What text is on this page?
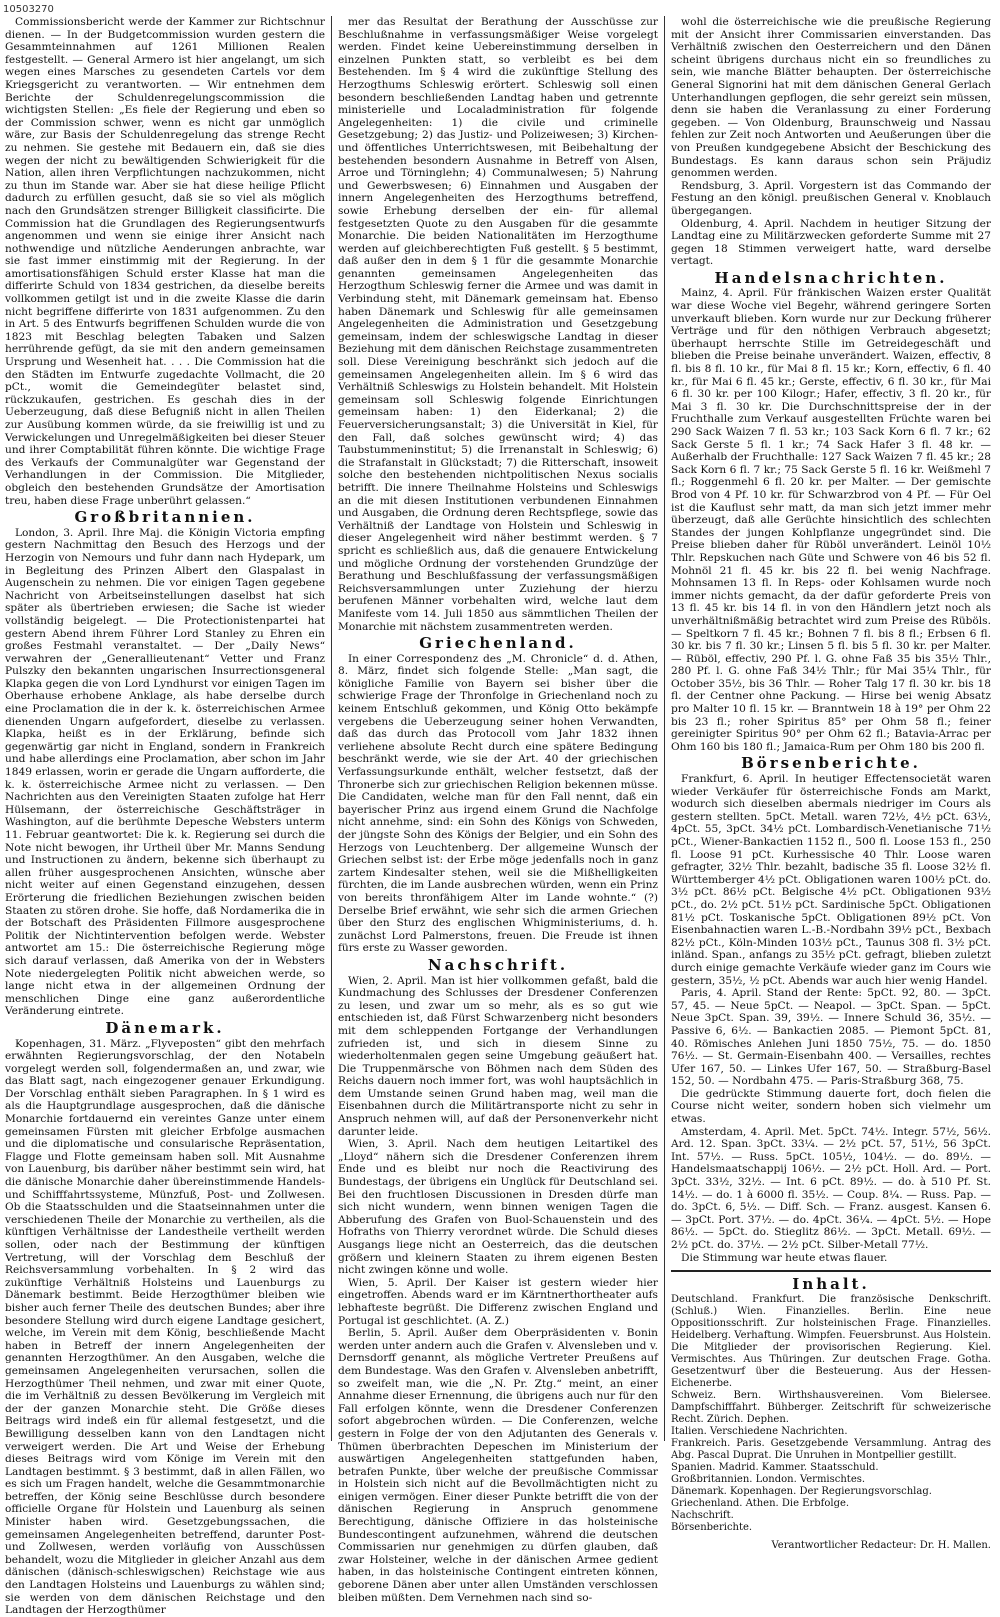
10503270

Commissionsbericht werde der Kammer zur Richtschnur dienen. — In der Budgetcommission wurden gestern die Gesammteinnahmen auf 1261 Millionen Realen festgestellt. — General Armero ist hier angelangt, um sich wegen eines Marsches zu gesendeten Cartels vor dem Kriegsgericht zu verantworten. — Wir entnehmen dem Berichte der Schuldenregelungscommission die wichtigsten Stellen: „Es fiele der Regierung und eben so der Commission schwer, wenn es nicht gar unmöglich wäre, zur Basis der Schuldenregelung das strenge Recht zu nehmen. Sie gestehe mit Bedauern ein, daß sie dies wegen der nicht zu bewältigenden Schwierigkeit für die Nation, allen ihren Verpflichtungen nachzukommen, nicht zu thun im Stande war. Aber sie hat diese heilige Pflicht dadurch zu erfüllen gesucht, daß sie so viel als möglich nach den Grundsätzen strenger Billigkeit classificirte. Die Commission hat die Grundlagen des Regierungsentwurfs angenommen und wenn sie einige ihrer Ansicht nach nothwendige und nützliche Aenderungen anbrachte, war sie fast immer einstimmig mit der Regierung. In der amortisationsfähigen Schuld erster Klasse hat man die differirte Schuld von 1834 gestrichen, da dieselbe bereits vollkommen getilgt ist und in die zweite Klasse die darin nicht begriffene differirte von 1831 aufgenommen. Zu den in Art. 5 des Entwurfs begriffenen Schulden wurde die von 1823 mit Beschlag belegten Tabaken und Salzen herrührende gefügt, da sie mit den andern gemeinsamen Ursprung und Wesenheit hat. . . . Die Commission hat die den Städten im Entwurfe zugedachte Vollmacht, die 20 pCt., womit die Gemeindegüter belastet sind, rückzukaufen, gestrichen. Es geschah dies in der Ueberzeugung, daß diese Befugniß nicht in allen Theilen zur Ausübung kommen würde, da sie freiwillig ist und zu Verwickelungen und Unregelmäßigkeiten bei dieser Steuer und ihrer Comptabilität führen könnte. Die wichtige Frage des Verkaufs der Communalgüter war Gegenstand der Verhandlungen in der Commission. Die Mitglieder, obgleich den bestehenden Grundsätze der Amortisation treu, haben diese Frage unberührt gelassen.“

Großbritannien.

London, 3. April. Ihre Maj. die Königin Victoria empfing gestern Nachmittag den Besuch des Herzogs und der Herzogin von Nemours und fuhr dann nach Hydepark, um in Begleitung des Prinzen Albert den Glaspalast in Augenschein zu nehmen. Die vor einigen Tagen gegebene Nachricht von Arbeitseinstellungen daselbst hat sich später als übertrieben erwiesen; die Sache ist wieder vollständig beigelegt. — Die Protectionistenpartei hat gestern Abend ihrem Führer Lord Stanley zu Ehren ein großes Festmahl veranstaltet. — Der „Daily News“ verwahren der „Generallieutenant“ Vetter und Franz Pulszky den bekannten ungarischen Insurrectionsgeneral Klapka gegen die von Lord Lyndhurst vor einigen Tagen im Oberhause erhobene Anklage, als habe derselbe durch eine Proclamation die in der k. k. österreichischen Armee dienenden Ungarn aufgefordert, dieselbe zu verlassen. Klapka, heißt es in der Erklärung, befinde sich gegenwärtig gar nicht in England, sondern in Frankreich und habe allerdings eine Proclamation, aber schon im Jahr 1849 erlassen, worin er gerade die Ungarn aufforderte, die k. k. österreichische Armee nicht zu verlassen. — Den Nachrichten aus den Vereinigten Staaten zufolge hat Herr Hülsemann, der österreichische Geschäftsträger in Washington, auf die berühmte Depesche Websters unterm 11. Februar geantwortet: Die k. k. Regierung sei durch die Note nicht bewogen, ihr Urtheil über Mr. Manns Sendung und Instructionen zu ändern, bekenne sich überhaupt zu allen früher ausgesprochenen Ansichten, wünsche aber nicht weiter auf einen Gegenstand einzugehen, dessen Erörterung die friedlichen Beziehungen zwischen beiden Staaten zu stören drohe. Sie hoffe, daß Nordamerika die in der Botschaft des Präsidenten Fillmore ausgesprochene Politik der Nichtintervention befolgen werde. Webster antwortet am 15.: Die österreichische Regierung möge sich darauf verlassen, daß Amerika von der in Websters Note niedergelegten Politik nicht abweichen werde, so lange nicht etwa in der allgemeinen Ordnung der menschlichen Dinge eine ganz außerordentliche Veränderung eintrete.

Dänemark.

Kopenhagen, 31. März. „Flyveposten“ gibt den mehrfach erwähnten Regierungsvorschlag, der den Notabeln vorgelegt werden soll, folgendermaßen an, und zwar, wie das Blatt sagt, nach eingezogener genauer Erkundigung. Der Vorschlag enthält sieben Paragraphen. In § 1 wird es als die Hauptgrundlage ausgesprochen, daß die dänische Monarchie fortdauernd ein vereintes Ganze unter einem gemeinsamen Fürsten mit gleicher Erbfolge ausmachen und die diplomatische und consularische Repräsentation, Flagge und Flotte gemeinsam haben soll. Mit Ausnahme von Lauenburg, bis darüber näher bestimmt sein wird, hat die dänische Monarchie daher übereinstimmende Handels- und Schifffahrtssysteme, Münzfuß, Post- und Zollwesen. Ob die Staatsschulden und die Staatseinnahmen unter die verschiedenen Theile der Monarchie zu vertheilen, als die künftigen Verhältnisse der Landestheile vertheilt werden sollen, oder nach der Bestimmung der künftigen Vertretung, will der Vorschlag dem Beschluß der Reichsversammlung vorbehalten. In § 2 wird das zukünftige Verhältniß Holsteins und Lauenburgs zu Dänemark bestimmt. Beide Herzogthümer bleiben wie bisher auch ferner Theile des deutschen Bundes; aber ihre besondere Stellung wird durch eigene Landtage gesichert, welche, im Verein mit dem König, beschließende Macht haben in Betreff der innern Angelegenheiten der genannten Herzogthümer. An den Ausgaben, welche die gemeinsamen Angelegenheiten verursachen, sollen die Herzogthümer Theil nehmen, und zwar mit einer Quote, die im Verhältniß zu dessen Bevölkerung im Vergleich mit der der ganzen Monarchie steht. Die Größe dieses Beitrags wird indeß ein für allemal festgesetzt, und die Bewilligung desselben kann von den Landtagen nicht verweigert werden. Die Art und Weise der Erhebung dieses Beitrags wird vom Könige im Verein mit den Landtagen bestimmt. § 3 bestimmt, daß in allen Fällen, wo es sich um Fragen handelt, welche die Gesammtmonarchie betreffen, der König seine Beschlüsse durch besondere officielle Organe für Holstein und Lauenburg als seinen Minister haben wird. Gesetzgebungssachen, die gemeinsamen Angelegenheiten betreffend, darunter Post- und Zollwesen, werden vorläufig von Ausschüssen behandelt, wozu die Mitglieder in gleicher Anzahl aus dem dänischen (dänisch-schleswigschen) Reichstage wie aus den Landtagen Holsteins und Lauenburgs zu wählen sind; sie werden von dem dänischen Reichstage und den Landtagen der Herzogthümer

mer das Resultat der Berathung der Ausschüsse zur Beschlußnahme in verfassungsmäßiger Weise vorgelegt werden. Findet keine Uebereinstimmung derselben in einzelnen Punkten statt, so verbleibt es bei dem Bestehenden. Im § 4 wird die zukünftige Stellung des Herzogthums Schleswig erörtert. Schleswig soll einen besondern beschließenden Landtag haben und getrennte ministerielle und Localadministration für folgende Angelegenheiten: 1) die civile und criminelle Gesetzgebung; 2) das Justiz- und Polizeiwesen; 3) Kirchen- und öffentliches Unterrichtswesen, mit Beibehaltung der bestehenden besondern Ausnahme in Betreff von Alsen, Arroe und Törninglehn; 4) Communalwesen; 5) Nahrung und Gewerbswesen; 6) Einnahmen und Ausgaben der innern Angelegenheiten des Herzogthums betreffend, sowie Erhebung derselben der ein- für allemal festgesetzten Quote zu den Ausgaben für die gesammte Monarchie. Die beiden Nationalitäten im Herzogthume werden auf gleichberechtigten Fuß gestellt. § 5 bestimmt, daß außer den in dem § 1 für die gesammte Monarchie genannten gemeinsamen Angelegenheiten das Herzogthum Schleswig ferner die Armee und was damit in Verbindung steht, mit Dänemark gemeinsam hat. Ebenso haben Dänemark und Schleswig für alle gemeinsamen Angelegenheiten die Administration und Gesetzgebung gemeinsam, indem der schleswigsche Landtag in dieser Beziehung mit dem dänischen Reichstage zusammentreten soll. Diese Vereinigung beschränkt sich jedoch auf die gemeinsamen Angelegenheiten allein. Im § 6 wird das Verhältniß Schleswigs zu Holstein behandelt. Mit Holstein gemeinsam soll Schleswig folgende Einrichtungen gemeinsam haben: 1) den Eiderkanal; 2) die Feuerversicherungsanstalt; 3) die Universität in Kiel, für den Fall, daß solches gewünscht wird; 4) das Taubstummeninstitut; 5) die Irrenanstalt in Schleswig; 6) die Strafanstalt in Glückstadt; 7) die Ritterschaft, insoweit solche den bestehenden nichtpolitischen Nexus socialis betrifft. Die innere Theilnahme Holsteins und Schleswigs an die mit diesen Institutionen verbundenen Einnahmen und Ausgaben, die Ordnung deren Rechtspflege, sowie das Verhältniß der Landtage von Holstein und Schleswig in dieser Angelegenheit wird näher bestimmt werden. § 7 spricht es schließlich aus, daß die genauere Entwickelung und mögliche Ordnung der vorstehenden Grundzüge der Berathung und Beschlußfassung der verfassungsmäßigen Reichsversammlungen unter Zuziehung der hierzu berufenen Männer vorbehalten wird, welche laut dem Manifeste vom 14. Juli 1850 aus sämmtlichen Theilen der Monarchie mit nächstem zusammentreten werden.

Griechenland.

In einer Correspondenz des „M. Chronicle“ d. d. Athen, 8. März, findet sich folgende Stelle: „Man sagt, die königliche Familie von Bayern sei bisher über die schwierige Frage der Thronfolge in Griechenland noch zu keinem Entschluß gekommen, und König Otto bekämpfe vergebens die Ueberzeugung seiner hohen Verwandten, daß das durch das Protocoll vom Jahr 1832 ihnen verliehene absolute Recht durch eine spätere Bedingung beschränkt werde, wie sie der Art. 40 der griechischen Verfassungsurkunde enthält, welcher festsetzt, daß der Thronerbe sich zur griechischen Religion bekennen müsse. Die Candidaten, welche man für den Fall nennt, daß ein bayerischer Prinz aus irgend einem Grund die Nachfolge nicht annehme, sind: ein Sohn des Königs von Schweden, der jüngste Sohn des Königs der Belgier, und ein Sohn des Herzogs von Leuchtenberg. Der allgemeine Wunsch der Griechen selbst ist: der Erbe möge jedenfalls noch in ganz zartem Kindesalter stehen, weil sie die Mißhelligkeiten fürchten, die im Lande ausbrechen würden, wenn ein Prinz von bereits thronfähigem Alter im Lande wohnte.“ (?) Derselbe Brief erwähnt, wie sehr sich die armen Griechen über den Sturz des englischen Whigministeriums, d. h. zunächst Lord Palmerstons, freuen. Die Freude ist ihnen fürs erste zu Wasser geworden.

Nachschrift.

Wien, 2. April. Man ist hier vollkommen gefaßt, bald die Kundmachung des Schlusses der Dresdener Conferenzen zu lesen, und zwar um so mehr, als es so gut wie entschieden ist, daß Fürst Schwarzenberg nicht besonders mit dem schleppenden Fortgange der Verhandlungen zufrieden ist, und sich in diesem Sinne zu wiederholtenmalen gegen seine Umgebung geäußert hat. Die Truppenmärsche von Böhmen nach dem Süden des Reichs dauern noch immer fort, was wohl hauptsächlich in dem Umstande seinen Grund haben mag, weil man die Eisenbahnen durch die Militärtransporte nicht zu sehr in Anspruch nehmen will, auf daß der Personenverkehr nicht darunter leide.

Wien, 3. April. Nach dem heutigen Leitartikel des „Lloyd“ nähern sich die Dresdener Conferenzen ihrem Ende und es bleibt nur noch die Reactivirung des Bundestags, der übrigens ein Unglück für Deutschland sei. Bei den fruchtlosen Discussionen in Dresden dürfe man sich nicht wundern, wenn binnen wenigen Tagen die Abberufung des Grafen von Buol-Schauenstein und des Hofraths von Thierry verordnet würde. Die Schuld dieses Ausgangs liege nicht an Oesterreich, das die deutschen größern und kleinern Staaten zu ihrem eigenen Besten nicht zwingen könne und wolle.

Wien, 5. April. Der Kaiser ist gestern wieder hier eingetroffen. Abends ward er im Kärntnerthortheater aufs lebhafteste begrüßt. Die Differenz zwischen England und Portugal ist geschlichtet. (A. Z.)

Berlin, 5. April. Außer dem Oberpräsidenten v. Bonin werden unter andern auch die Grafen v. Alvensleben und v. Dernsdorff genannt, als mögliche Vertreter Preußens auf dem Bundestage. Was den Grafen v. Alvensleben anbetrifft, so zweifelt man, wie die „N. Pr. Ztg.“ meint, an einer Annahme dieser Ernennung, die übrigens auch nur für den Fall erfolgen könnte, wenn die Dresdener Conferenzen sofort abgebrochen würden. — Die Conferenzen, welche gestern in Folge der von den Adjutanten des Generals v. Thümen überbrachten Depeschen im Ministerium der auswärtigen Angelegenheiten stattgefunden haben, betrafen Punkte, über welche der preußische Commissar in Holstein sich nicht auf die Bevollmächtigten nicht zu einigen vermögen. Einer dieser Punkte betrifft die von der dänischen Regierung in Anspruch genommene Berechtigung, dänische Offiziere in das holsteinische Bundescontingent aufzunehmen, während die deutschen Commissarien nur genehmigen zu dürfen glauben, daß zwar Holsteiner, welche in der dänischen Armee gedient haben, in das holsteinische Contingent eintreten können, geborene Dänen aber unter allen Umständen verschlossen bleiben müßten. Dem Vernehmen nach sind so-

wohl die österreichische wie die preußische Regierung mit der Ansicht ihrer Commissarien einverstanden. Das Verhältniß zwischen den Oesterreichern und den Dänen scheint übrigens durchaus nicht ein so freundliches zu sein, wie manche Blätter behaupten. Der österreichische General Signorini hat mit dem dänischen General Gerlach Unterhandlungen gepflogen, die sehr gereizt sein müssen, denn sie haben die Veranlassung zu einer Forderung gegeben. — Von Oldenburg, Braunschweig und Nassau fehlen zur Zeit noch Antworten und Aeußerungen über die von Preußen kundgegebene Absicht der Beschickung des Bundestags. Es kann daraus schon sein Präjudiz genommen werden.

Rendsburg, 3. April. Vorgestern ist das Commando der Festung an den königl. preußischen General v. Knoblauch übergegangen.

Oldenburg, 4. April. Nachdem in heutiger Sitzung der Landtag eine zu Militärzwecken geforderte Summe mit 27 gegen 18 Stimmen verweigert hatte, ward derselbe vertagt.

Handelsnachrichten.

Mainz, 4. April. Für fränkischen Waizen erster Qualität war diese Woche viel Begehr, während geringere Sorten unverkauft blieben. Korn wurde nur zur Deckung früherer Verträge und für den nöthigen Verbrauch abgesetzt; überhaupt herrschte Stille im Getreidegeschäft und blieben die Preise beinahe unverändert. Waizen, effectiv, 8 fl. bis 8 fl. 10 kr., für Mai 8 fl. 15 kr.; Korn, effectiv, 6 fl. 40 kr., für Mai 6 fl. 45 kr.; Gerste, effectiv, 6 fl. 30 kr., für Mai 6 fl. 30 kr. per 100 Kilogr.; Hafer, effectiv, 3 fl. 20 kr., für Mai 3 fl. 30 kr. Die Durchschnittspreise der in der Fruchthalle zum Verkauf ausgestellten Früchte waren bei 290 Sack Waizen 7 fl. 53 kr.; 103 Sack Korn 6 fl. 7 kr.; 62 Sack Gerste 5 fl. 1 kr.; 74 Sack Hafer 3 fl. 48 kr. — Außerhalb der Fruchthalle: 127 Sack Waizen 7 fl. 45 kr.; 28 Sack Korn 6 fl. 7 kr.; 75 Sack Gerste 5 fl. 16 kr. Weißmehl 7 fl.; Roggenmehl 6 fl. 20 kr. per Malter. — Der gemischte Brod von 4 Pf. 10 kr. für Schwarzbrod von 4 Pf. — Für Oel ist die Kauflust sehr matt, da man sich jetzt immer mehr überzeugt, daß alle Gerüchte hinsichtlich des schlechten Standes der jungen Kohlpflanze ungegründet sind. Die Preise blieben daher für Rüböl unverändert. Leinöl 10½ Thlr. Repskuchen nach Güte und Schwere von 46 bis 52 fl. Mohnöl 21 fl. 45 kr. bis 22 fl. bei wenig Nachfrage. Mohnsamen 13 fl. In Reps- oder Kohlsamen wurde noch immer nichts gemacht, da der dafür geforderte Preis von 13 fl. 45 kr. bis 14 fl. in von den Händlern jetzt noch als unverhältnißmäßig betrachtet wird zum Preise des Rüböls. — Speltkorn 7 fl. 45 kr.; Bohnen 7 fl. bis 8 fl.; Erbsen 6 fl. 30 kr. bis 7 fl. 30 kr.; Linsen 5 fl. bis 5 fl. 30 kr. per Malter. — Rüböl, effectiv, 290 Pf. l. G. ohne Faß 35 bis 35½ Thlr., 280 Pf. l. G. ohne Faß 34½ Thlr.; für Mai 35¼ Thlr., für October 35½, bis 36 Thlr. — Roher Talg 17 fl. 30 kr. bis 18 fl. der Centner ohne Packung. — Hirse bei wenig Absatz pro Malter 10 fl. 15 kr. — Branntwein 18 à 19° per Ohm 22 bis 23 fl.; roher Spiritus 85° per Ohm 58 fl.; feiner gereinigter Spiritus 90° per Ohm 62 fl.; Batavia-Arrac per Ohm 160 bis 180 fl.; Jamaica-Rum per Ohm 180 bis 200 fl.

Börsenberichte.

Frankfurt, 6. April. In heutiger Effectensocietät waren wieder Verkäufer für österreichische Fonds am Markt, wodurch sich dieselben abermals niedriger im Cours als gestern stellten. 5pCt. Metall. waren 72½, 4½ pCt. 63½, 4pCt. 55, 3pCt. 34½ pCt. Lombardisch-Venetianische 71½ pCt., Wiener-Bankactien 1152 fl., 500 fl. Loose 153 fl., 250 fl. Loose 91 pCt. Kurhessische 40 Thlr. Loose waren gefragter, 32½ Thlr. bezahlt, badische 35 fl. Loose 32½ fl. Württemberger 4½ pCt. Obligationen waren 100½ pCt. do. 3½ pCt. 86½ pCt. Belgische 4½ pCt. Obligationen 93½ pCt., do. 2½ pCt. 51½ pCt. Sardinische 5pCt. Obligationen 81½ pCt. Toskanische 5pCt. Obligationen 89½ pCt. Von Eisenbahnactien waren L.-B.-Nordbahn 39½ pCt., Bexbach 82½ pCt., Köln-Minden 103½ pCt., Taunus 308 fl. 3½ pCt. inländ. Span., anfangs zu 35½ pCt. gefragt, blieben zuletzt durch einige gemachte Verkäufe wieder ganz im Cours wie gestern, 35½, ½ pCt. Abends war auch hier wenig Handel.

Paris, 4. April. Stand der Rente: 5pCt. 92, 80. — 3pCt. 57, 45. — Neue 5pCt. — Neapol. — 3pCt. Span. — 5pCt. Neue 3pCt. Span. 39, 39½. — Innere Schuld 36, 35½. — Passive 6, 6½. — Bankactien 2085. — Piemont 5pCt. 81, 40. Römisches Anlehen Juni 1850 75½, 75. — do. 1850 76½. — St. Germain-Eisenbahn 400. — Versailles, rechtes Ufer 167, 50. — Linkes Ufer 167, 50. — Straßburg-Basel 152, 50. — Nordbahn 475. — Paris-Straßburg 368, 75.

Die gedrückte Stimmung dauerte fort, doch fielen die Course nicht weiter, sondern hoben sich vielmehr um etwas.

Amsterdam, 4. April. Met. 5pCt. 74½. Integr. 57½, 56½. Ard. 12. Span. 3pCt. 33¼. — 2½ pCt. 57, 51½, 56 3pCt. Int. 57½. — Russ. 5pCt. 105½, 104½. — do. 89½. — Handelsmaatschappij 106½. — 2½ pCt. Holl. Ard. — Port. 3pCt. 33½, 32½. — Int. 6 pCt. 89½. — do. à 510 Pf. St. 14½. — do. 1 à 6000 fl. 35½. — Coup. 8¼. — Russ. Pap. — do. 3pCt. 6, 5½. — Diff. Sch. — Franz. ausgest. Kansen 6. — 3pCt. Port. 37½. — do. 4pCt. 36¼. — 4pCt. 5½. — Hope 86½. — 5pCt. do. Stieglitz 86½. — 3pCt. Metall. 69½. — 2½ pCt. do. 37½. — 2½ pCt. Silber-Metall 77½.

Die Stimmung war heute etwas flauer.

Inhalt.

Deutschland. Frankfurt. Die französische Denkschrift. (Schluß.) Wien. Finanzielles. Berlin. Eine neue Oppositionsschrift. Zur holsteinischen Frage. Finanzielles. Heidelberg. Verhaftung. Wimpfen. Feuersbrunst. Aus Holstein. Die Mitglieder der provisorischen Regierung. Kiel. Vermischtes. Aus Thüringen. Zur deutschen Frage. Gotha. Gesetzentwurf über die Besteuerung. Aus der Hessen-Eichenerbe.

Schweiz. Bern. Wirthshausvereinen. Vom Bielersee. Dampfschifffahrt. Bühberger. Zeitschrift für schweizerische Recht. Zürich. Dephen.

Italien. Verschiedene Nachrichten.

Frankreich. Paris. Gesetzgebende Versammlung. Antrag des Abg. Pascal Duprat. Die Unruhen in Montpellier gestillt.

Spanien. Madrid. Kammer. Staatsschuld.

Großbritannien. London. Vermischtes.

Dänemark. Kopenhagen. Der Regierungsvorschlag.

Griechenland. Athen. Die Erbfolge.

Nachschrift.

Börsenberichte.

Verantwortlicher Redacteur: Dr. H. Mallen.
